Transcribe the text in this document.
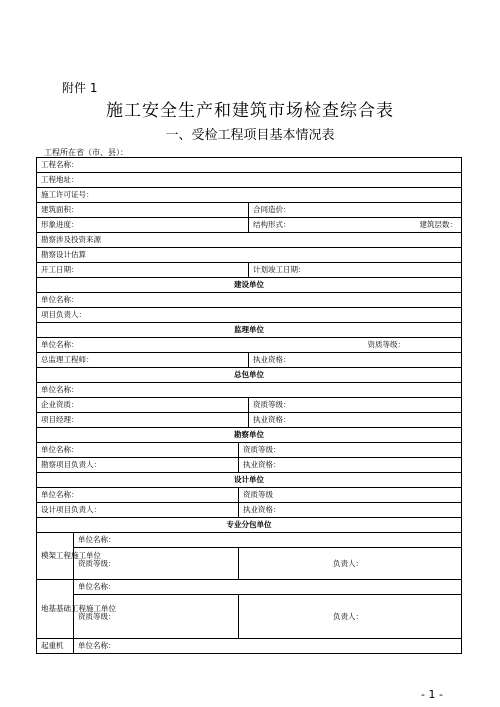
附件 1
施工安全生产和建筑市场检查综合表
一、受检工程项目基本情况表
工程所在省（市、县）：
工程名称：			
工程地址：			
施工许可证号：			
建筑面积：			合同造价：
形象进度：			结构形式： 建筑层数：

勘察涉及投资来源			
勘察设计估算			
开工日期：			计划竣工日期：
建设单位			
单位名称：			
项目负责人：			
监理单位			
单位名称： 资质等级：			

总监理工程师：			执业资格：
总包单位			
单位名称：			
企业资质：			资质等级：
项目经理：			执业资格：
勘察单位			
单位名称：		资质等级：	
勘察项目负责人：		执业资格：	
设计单位			
单位名称：		资质等级	
设计项目负责人：		执业资格：	
专业分包单位			
模架工程施工单位	单位名称：		
	资质等级：	负责人：	
地基基础工程施工单位	单位名称：		
	资质等级：	负责人：	
起重机	单位名称：		
- 1 -
